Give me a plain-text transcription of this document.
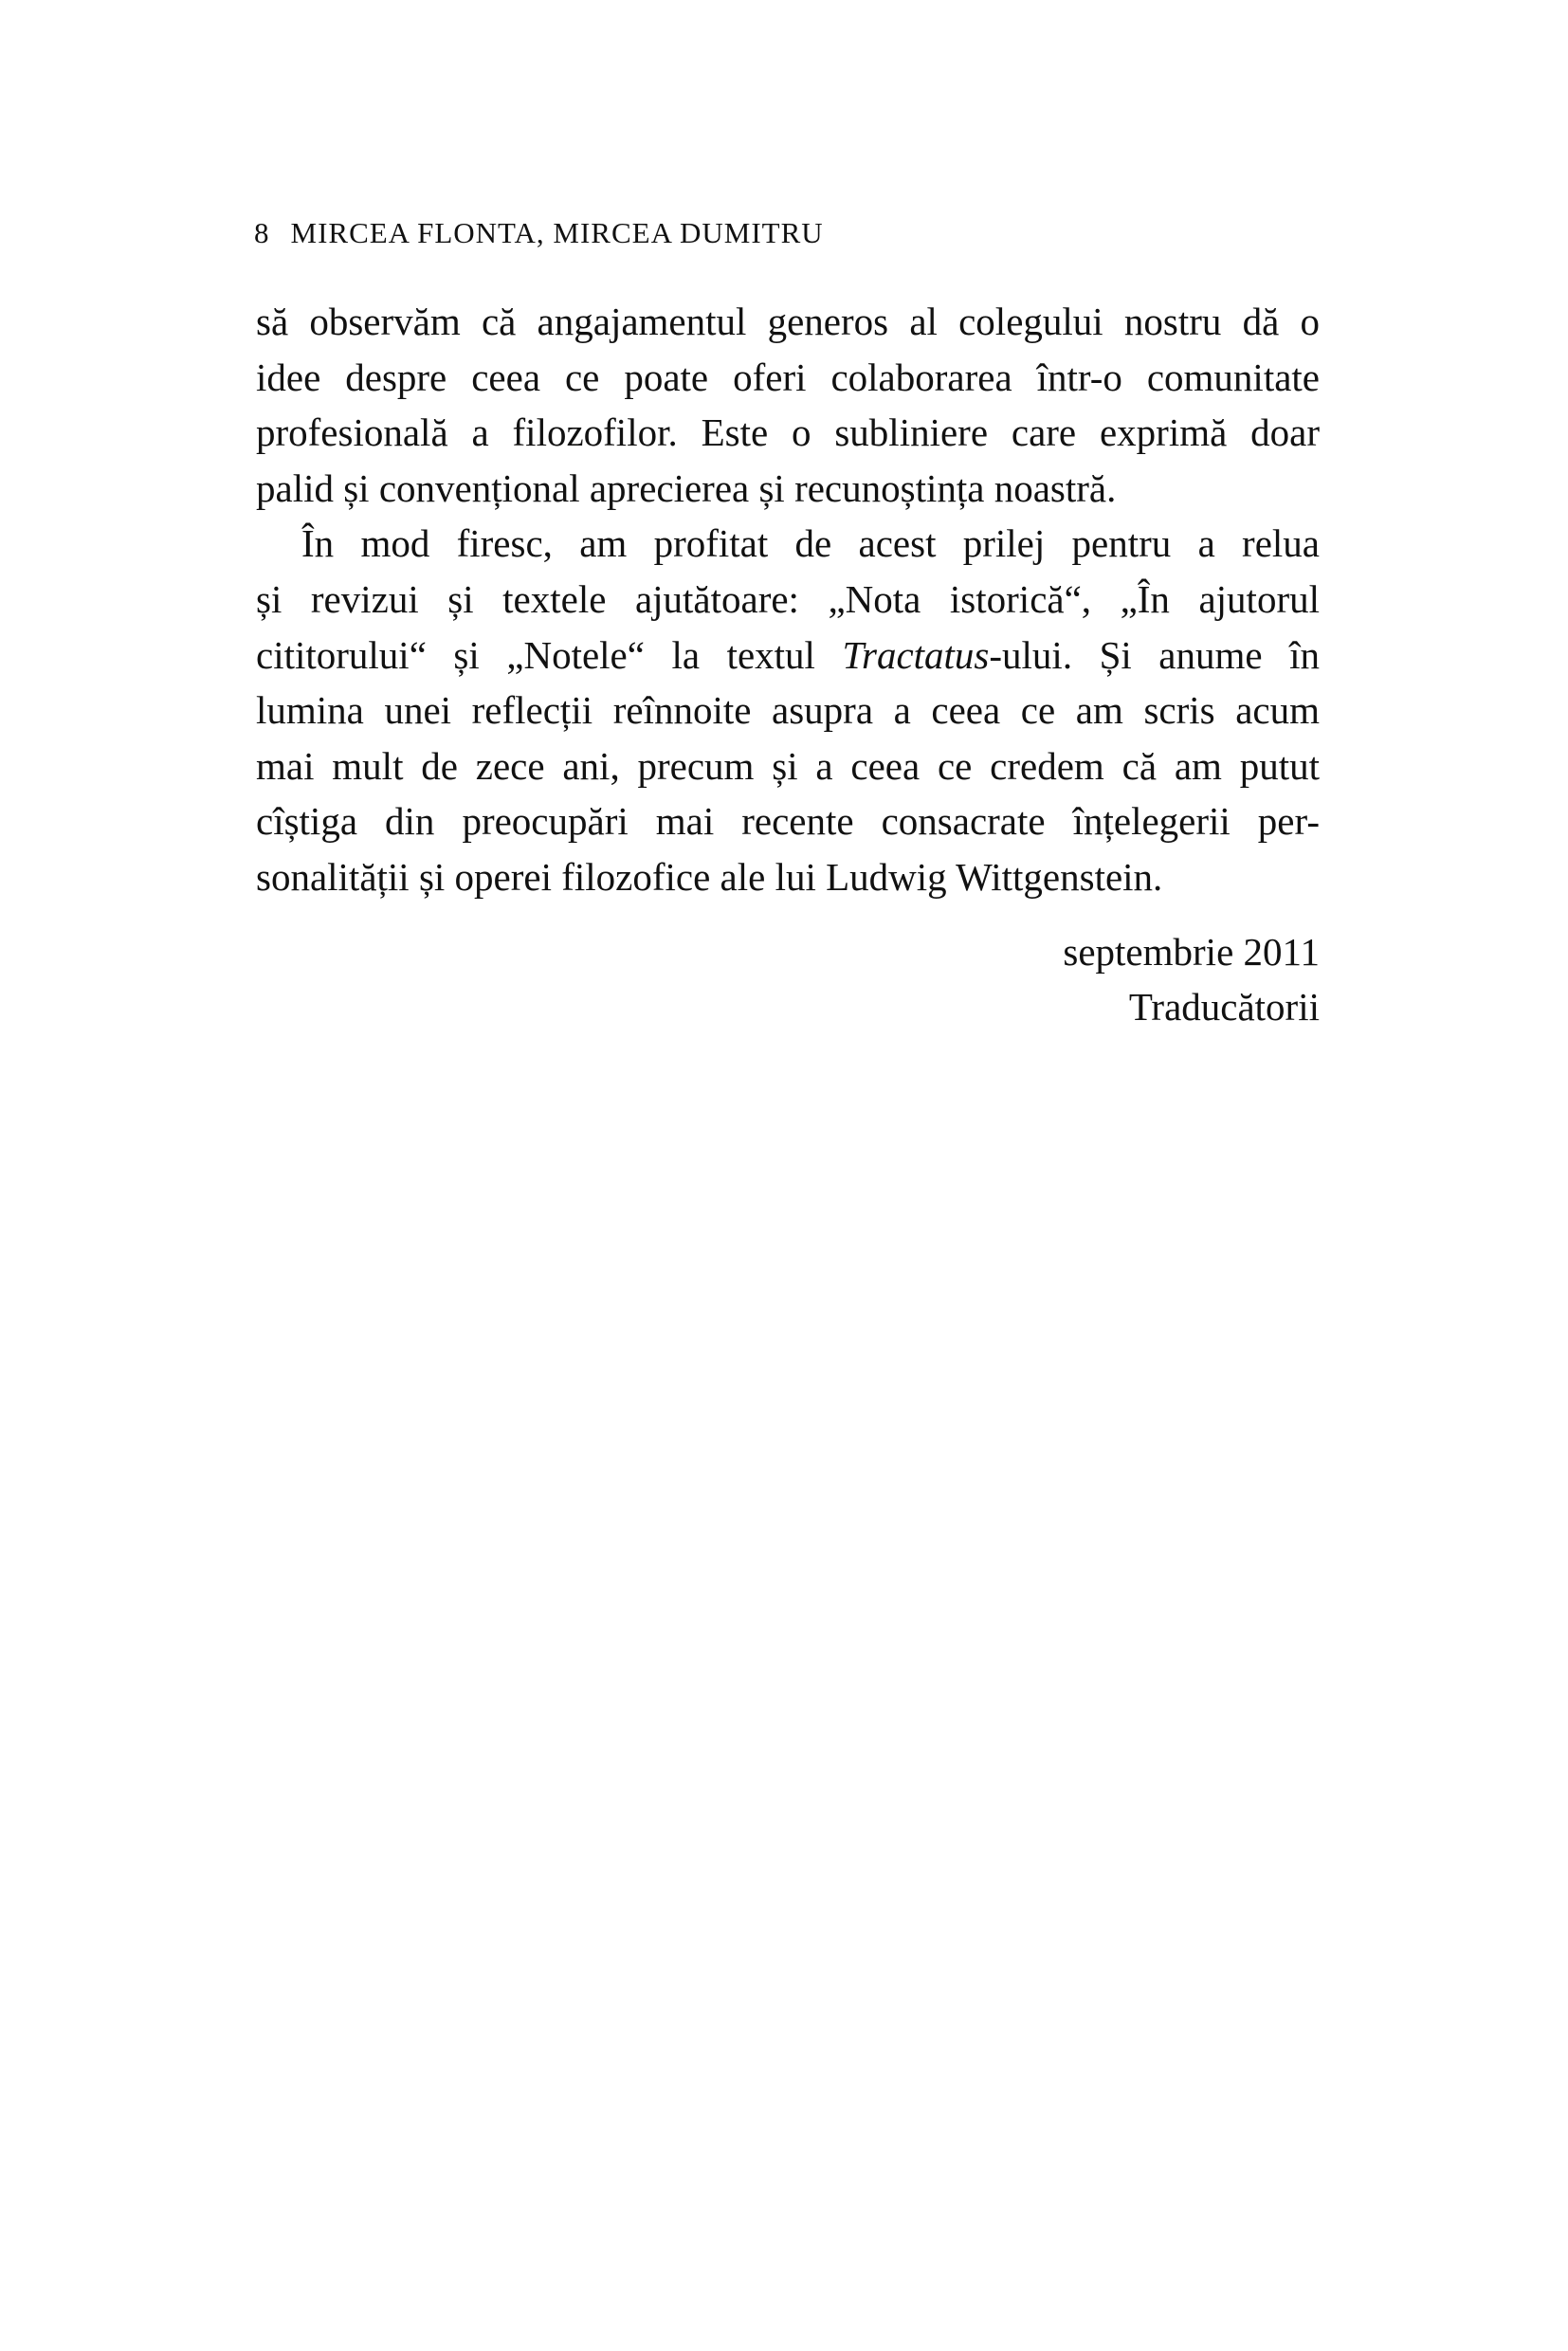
8 MIRCEA FLONTA, MIRCEA DUMITRU
să observăm că angajamentul generos al colegului nostru dă o
idee despre ceea ce poate oferi colaborarea într-o comunitate
profesională a filozofilor. Este o subliniere care exprimă doar
palid și convențional aprecierea și recunoștința noastră.
În mod firesc, am profitat de acest prilej pentru a relua
și revizui și textele ajutătoare: „Nota istorică“, „În ajutorul
cititorului“ și „Notele“ la textul Tractatus-ului. Și anume în
lumina unei reflecții reînnoite asupra a ceea ce am scris acum
mai mult de zece ani, precum și a ceea ce credem că am putut
cîștiga din preocupări mai recente consacrate înțelegerii per-
sonalității și operei filozofice ale lui Ludwig Wittgenstein.
septembrie 2011
Traducătorii
